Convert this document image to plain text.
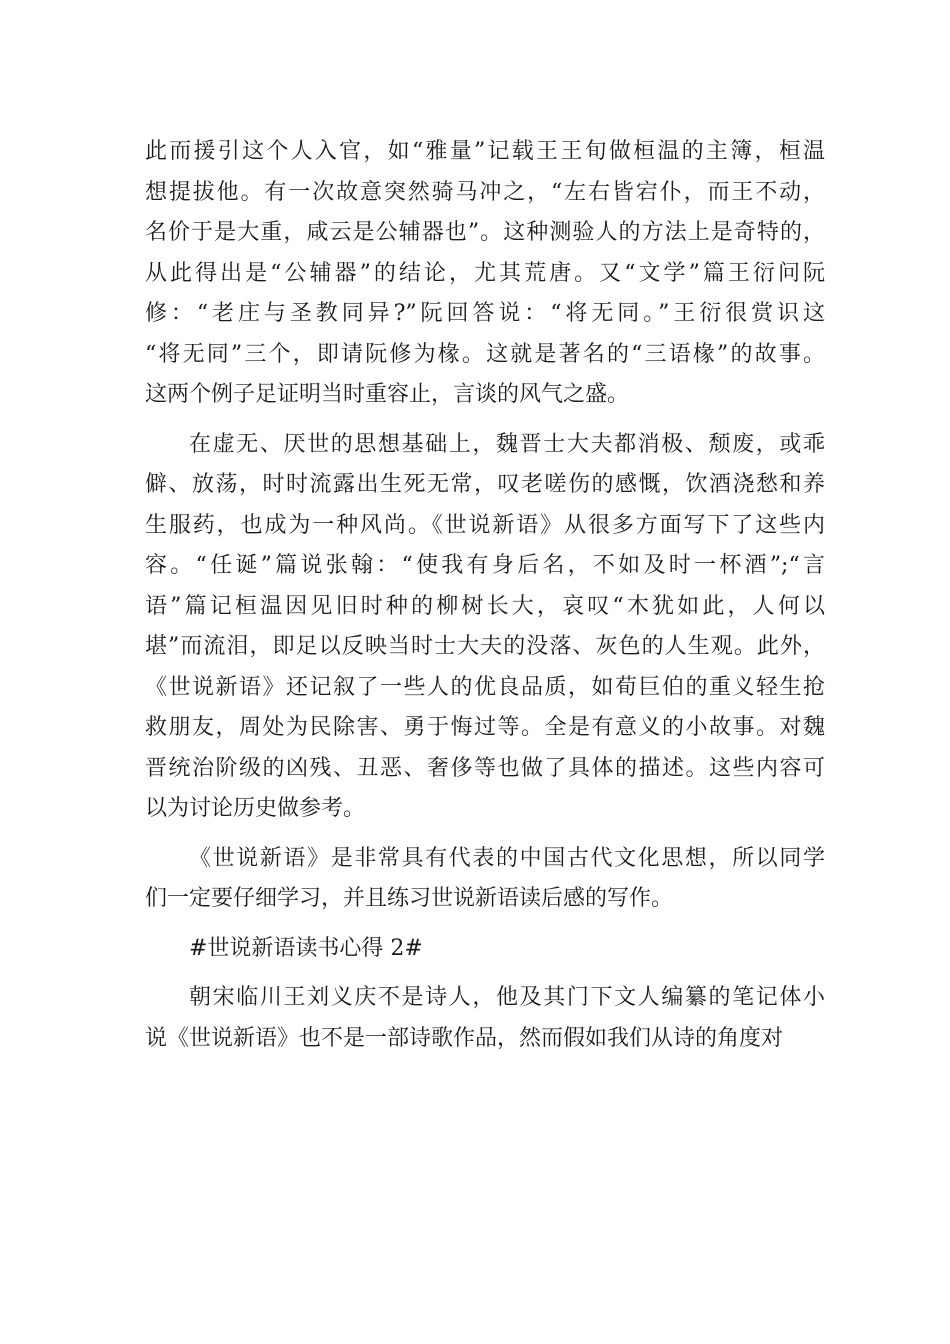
此而援引这个人入官，如“雅量”记载王王旬做桓温的主簿，桓温
想提拔他。有一次故意突然骑马冲之，“左右皆宕仆，而王不动，
名价于是大重，咸云是公辅器也”。这种测验人的方法上是奇特的，
从此得出是“公辅器”的结论，尤其荒唐。又“文学”篇王衍问阮
修：“老庄与圣教同异?”阮回答说：“将无同。”王衍很赏识这
“将无同”三个，即请阮修为椽。这就是著名的“三语椽”的故事。
这两个例子足证明当时重容止，言谈的风气之盛。
在虚无、厌世的思想基础上，魏晋士大夫都消极、颓废，或乖
僻、放荡，时时流露出生死无常，叹老嗟伤的感慨，饮酒浇愁和养
生服药，也成为一种风尚。《世说新语》从很多方面写下了这些内
容。“任诞”篇说张翰：“使我有身后名，不如及时一杯酒”;“言
语”篇记桓温因见旧时种的柳树长大，哀叹“木犹如此，人何以
堪”而流泪，即足以反映当时士大夫的没落、灰色的人生观。此外，
《世说新语》还记叙了一些人的优良品质，如荀巨伯的重义轻生抢
救朋友，周处为民除害、勇于悔过等。全是有意义的小故事。对魏
晋统治阶级的凶残、丑恶、奢侈等也做了具体的描述。这些内容可
以为讨论历史做参考。
《世说新语》是非常具有代表的中国古代文化思想，所以同学
们一定要仔细学习，并且练习世说新语读后感的写作。
#世说新语读书心得 2#
朝宋临川王刘义庆不是诗人，他及其门下文人编纂的笔记体小
说《世说新语》也不是一部诗歌作品，然而假如我们从诗的角度对
